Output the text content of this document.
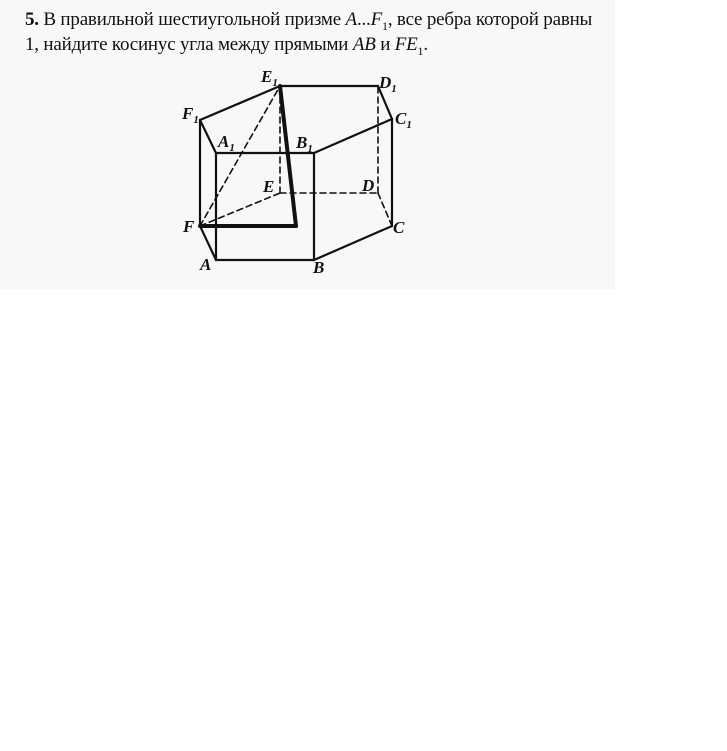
5. В правильной шестиугольной призме $A...F_1$, все ребра которой равны 1, найдите косинус угла между прямыми AB и $FE_1$.
$E_1$	$D_1$
$C_1$
$F_1$
$A_1$	$B_1$
E	D
F	C
A	B
